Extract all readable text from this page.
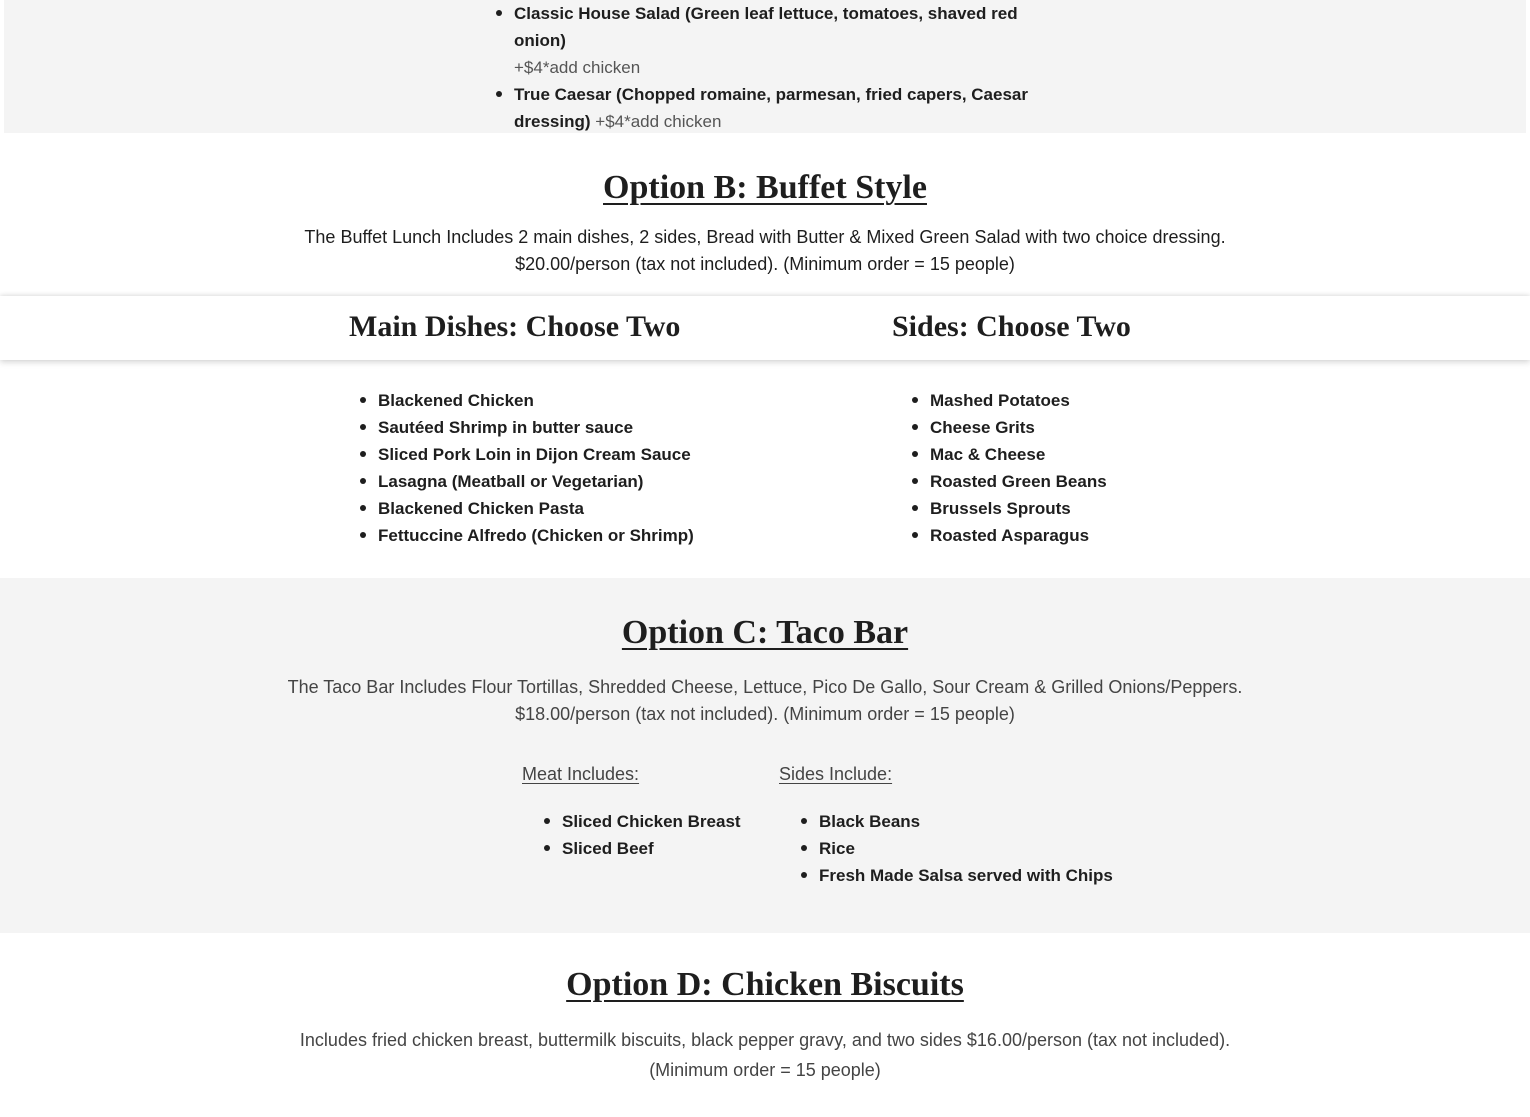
Classic House Salad (Green leaf lettuce, tomatoes, shaved red onion)
+$4*add chicken
True Caesar (Chopped romaine, parmesan, fried capers, Caesar dressing) +$4*add chicken
Option B: Buffet Style

The Buffet Lunch Includes 2 main dishes, 2 sides, Bread with Butter & Mixed Green Salad with two choice dressing.

$20.00/person (tax not included). (Minimum order = 15 people)

Main Dishes: Choose Two	Sides: Choose Two
Blackened Chicken
Sautéed Shrimp in butter sauce
Sliced Pork Loin in Dijon Cream Sauce
Lasagna (Meatball or Vegetarian)
Blackened Chicken Pasta
Fettuccine Alfredo (Chicken or Shrimp)
Mashed Potatoes
Cheese Grits
Mac & Cheese
Roasted Green Beans
Brussels Sprouts
Roasted Asparagus
Option C: Taco Bar

The Taco Bar Includes Flour Tortillas, Shredded Cheese, Lettuce, Pico De Gallo, Sour Cream & Grilled Onions/Peppers.

$18.00/person (tax not included). (Minimum order = 15 people)

Meat Includes:	Sides Include:
Sliced Chicken Breast
Sliced Beef
Black Beans
Rice
Fresh Made Salsa served with Chips
Option D: Chicken Biscuits

Includes fried chicken breast, buttermilk biscuits, black pepper gravy, and two sides $16.00/person (tax not included).

(Minimum order = 15 people)
